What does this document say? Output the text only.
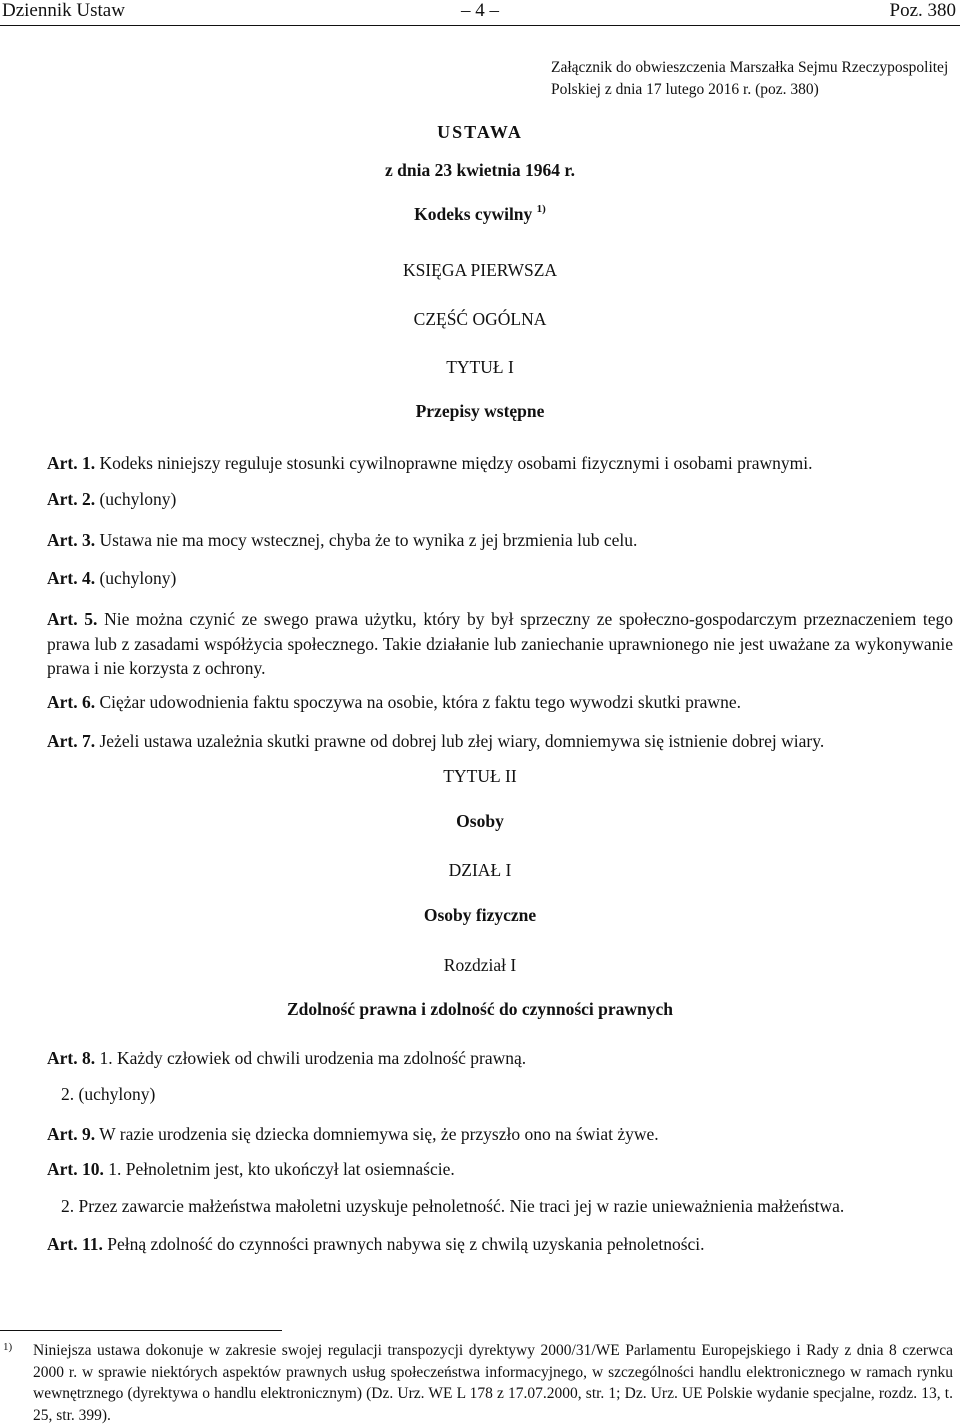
Dziennik Ustaw	– 4 –	Poz. 380
Załącznik do obwieszczenia Marszałka Sejmu Rzeczypospolitej
Polskiej z dnia 17 lutego 2016 r. (poz. 380)
USTAWA
z dnia 23 kwietnia 1964 r.
Kodeks cywilny $^{1)}$
KSIĘGA PIERWSZA
CZĘŚĆ OGÓLNA
TYTUŁ I
Przepisy wstępne
Art. 1. Kodeks niniejszy reguluje stosunki cywilnoprawne między osobami fizycznymi i osobami prawnymi.
Art. 2. (uchylony)
Art. 3. Ustawa nie ma mocy wstecznej, chyba że to wynika z jej brzmienia lub celu.
Art. 4. (uchylony)
Art. 5. Nie można czynić ze swego prawa użytku, który by był sprzeczny ze społeczno-gospodarczym przeznaczeniem tego prawa lub z zasadami współżycia społecznego. Takie działanie lub zaniechanie uprawnionego nie jest uważane za wykonywanie prawa i nie korzysta z ochrony.
Art. 6. Ciężar udowodnienia faktu spoczywa na osobie, która z faktu tego wywodzi skutki prawne.
Art. 7. Jeżeli ustawa uzależnia skutki prawne od dobrej lub złej wiary, domniemywa się istnienie dobrej wiary.
TYTUŁ II
Osoby
DZIAŁ I
Osoby fizyczne
Rozdział I
Zdolność prawna i zdolność do czynności prawnych
Art. 8. 1. Każdy człowiek od chwili urodzenia ma zdolność prawną.
2. (uchylony)
Art. 9. W razie urodzenia się dziecka domniemywa się, że przyszło ono na świat żywe.
Art. 10. 1. Pełnoletnim jest, kto ukończył lat osiemnaście.
2. Przez zawarcie małżeństwa małoletni uzyskuje pełnoletność. Nie traci jej w razie unieważnienia małżeństwa.
Art. 11. Pełną zdolność do czynności prawnych nabywa się z chwilą uzyskania pełnoletności.
1) Niniejsza ustawa dokonuje w zakresie swojej regulacji transpozycji dyrektywy 2000/31/WE Parlamentu Europejskiego i Rady z dnia 8 czerwca 2000 r. w sprawie niektórych aspektów prawnych usług społeczeństwa informacyjnego, w szczególności handlu elektronicznego w ramach rynku wewnętrznego (dyrektywa o handlu elektronicznym) (Dz. Urz. WE L 178 z 17.07.2000, str. 1; Dz. Urz. UE Polskie wydanie specjalne, rozdz. 13, t. 25, str. 399).
